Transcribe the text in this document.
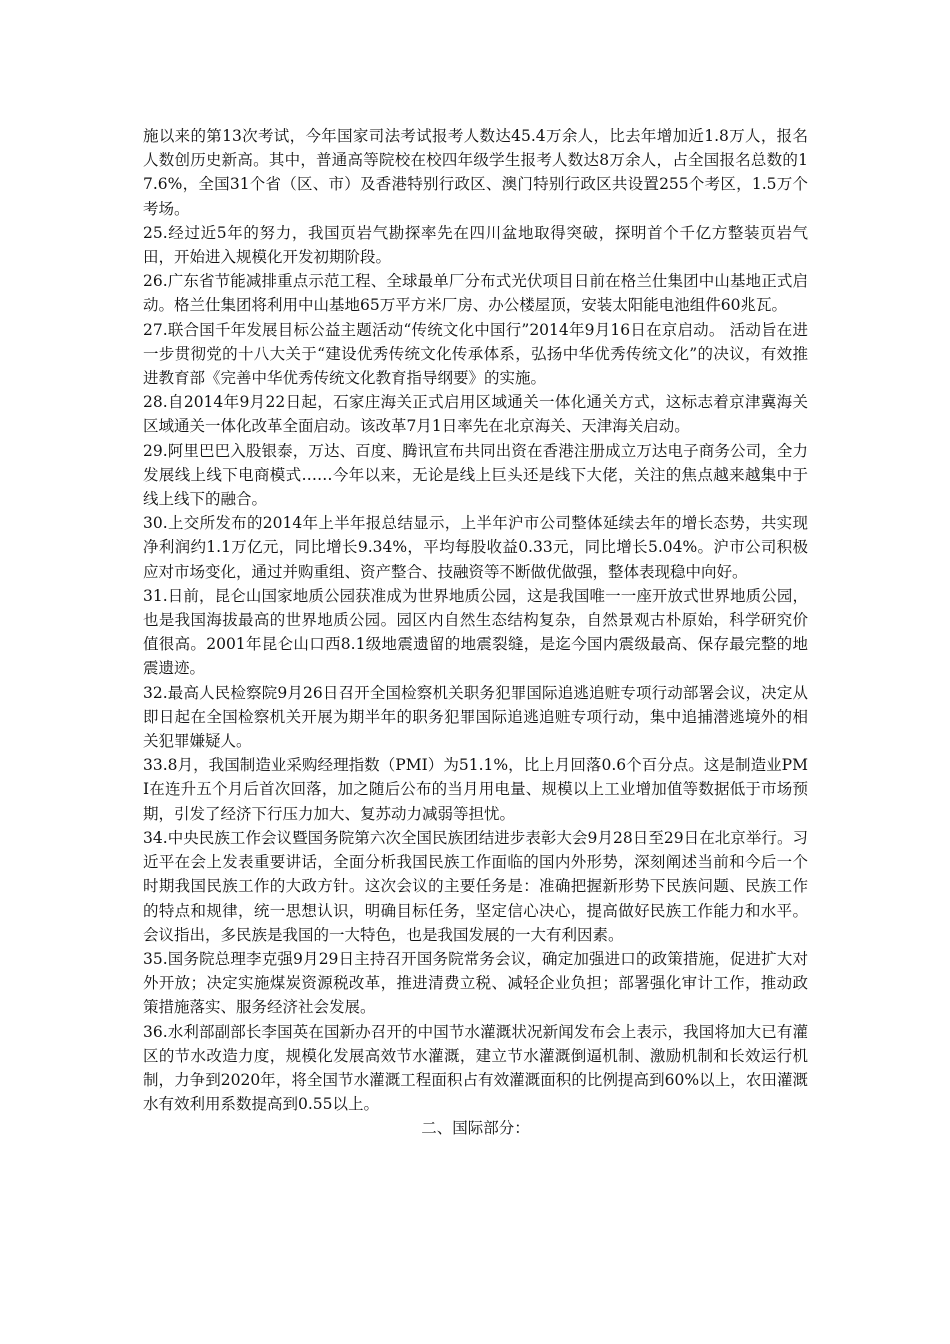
施以来的第13次考试，今年国家司法考试报考人数达45.4万余人，比去年增加近1.8万人，报名人数创历史新高。其中，普通高等院校在校四年级学生报考人数达8万余人，占全国报名总数的17.6%，全国31个省（区、市）及香港特别行政区、澳门特别行政区共设置255个考区，1.5万个考场。

25.经过近5年的努力，我国页岩气勘探率先在四川盆地取得突破，探明首个千亿方整装页岩气田，开始进入规模化开发初期阶段。

26.广东省节能减排重点示范工程、全球最单厂分布式光伏项目日前在格兰仕集团中山基地正式启动。格兰仕集团将利用中山基地65万平方米厂房、办公楼屋顶，安装太阳能电池组件60兆瓦。

27.联合国千年发展目标公益主题活动“传统文化中国行”2014年9月16日在京启动。 活动旨在进一步贯彻党的十八大关于“建设优秀传统文化传承体系，弘扬中华优秀传统文化”的决议，有效推进教育部《完善中华优秀传统文化教育指导纲要》的实施。

28.自2014年9月22日起，石家庄海关正式启用区域通关一体化通关方式，这标志着京津冀海关区域通关一体化改革全面启动。该改革7月1日率先在北京海关、天津海关启动。

29.阿里巴巴入股银泰，万达、百度、腾讯宣布共同出资在香港注册成立万达电子商务公司，全力发展线上线下电商模式……今年以来，无论是线上巨头还是线下大佬，关注的焦点越来越集中于线上线下的融合。

30.上交所发布的2014年上半年报总结显示，上半年沪市公司整体延续去年的增长态势，共实现净利润约1.1万亿元，同比增长9.34%，平均每股收益0.33元，同比增长5.04%。沪市公司积极应对市场变化，通过并购重组、资产整合、技融资等不断做优做强，整体表现稳中向好。

31.日前，昆仑山国家地质公园获准成为世界地质公园，这是我国唯一一座开放式世界地质公园，也是我国海拔最高的世界地质公园。园区内自然生态结构复杂，自然景观古朴原始，科学研究价值很高。2001年昆仑山口西8.1级地震遗留的地震裂缝，是迄今国内震级最高、保存最完整的地震遗迹。

32.最高人民检察院9月26日召开全国检察机关职务犯罪国际追逃追赃专项行动部署会议，决定从即日起在全国检察机关开展为期半年的职务犯罪国际追逃追赃专项行动，集中追捕潜逃境外的相关犯罪嫌疑人。

33.8月，我国制造业采购经理指数（PMI）为51.1%，比上月回落0.6个百分点。这是制造业PMI在连升五个月后首次回落，加之随后公布的当月用电量、规模以上工业增加值等数据低于市场预期，引发了经济下行压力加大、复苏动力减弱等担忧。

34.中央民族工作会议暨国务院第六次全国民族团结进步表彰大会9月28日至29日在北京举行。习近平在会上发表重要讲话，全面分析我国民族工作面临的国内外形势，深刻阐述当前和今后一个时期我国民族工作的大政方针。这次会议的主要任务是：准确把握新形势下民族问题、民族工作的特点和规律，统一思想认识，明确目标任务，坚定信心决心，提高做好民族工作能力和水平。会议指出，多民族是我国的一大特色，也是我国发展的一大有利因素。

35.国务院总理李克强9月29日主持召开国务院常务会议，确定加强进口的政策措施，促进扩大对外开放；决定实施煤炭资源税改革，推进清费立税、减轻企业负担；部署强化审计工作，推动政策措施落实、服务经济社会发展。

36.水利部副部长李国英在国新办召开的中国节水灌溉状况新闻发布会上表示，我国将加大已有灌区的节水改造力度，规模化发展高效节水灌溉，建立节水灌溉倒逼机制、激励机制和长效运行机制，力争到2020年，将全国节水灌溉工程面积占有效灌溉面积的比例提高到60%以上，农田灌溉水有效利用系数提高到0.55以上。

二、国际部分：
